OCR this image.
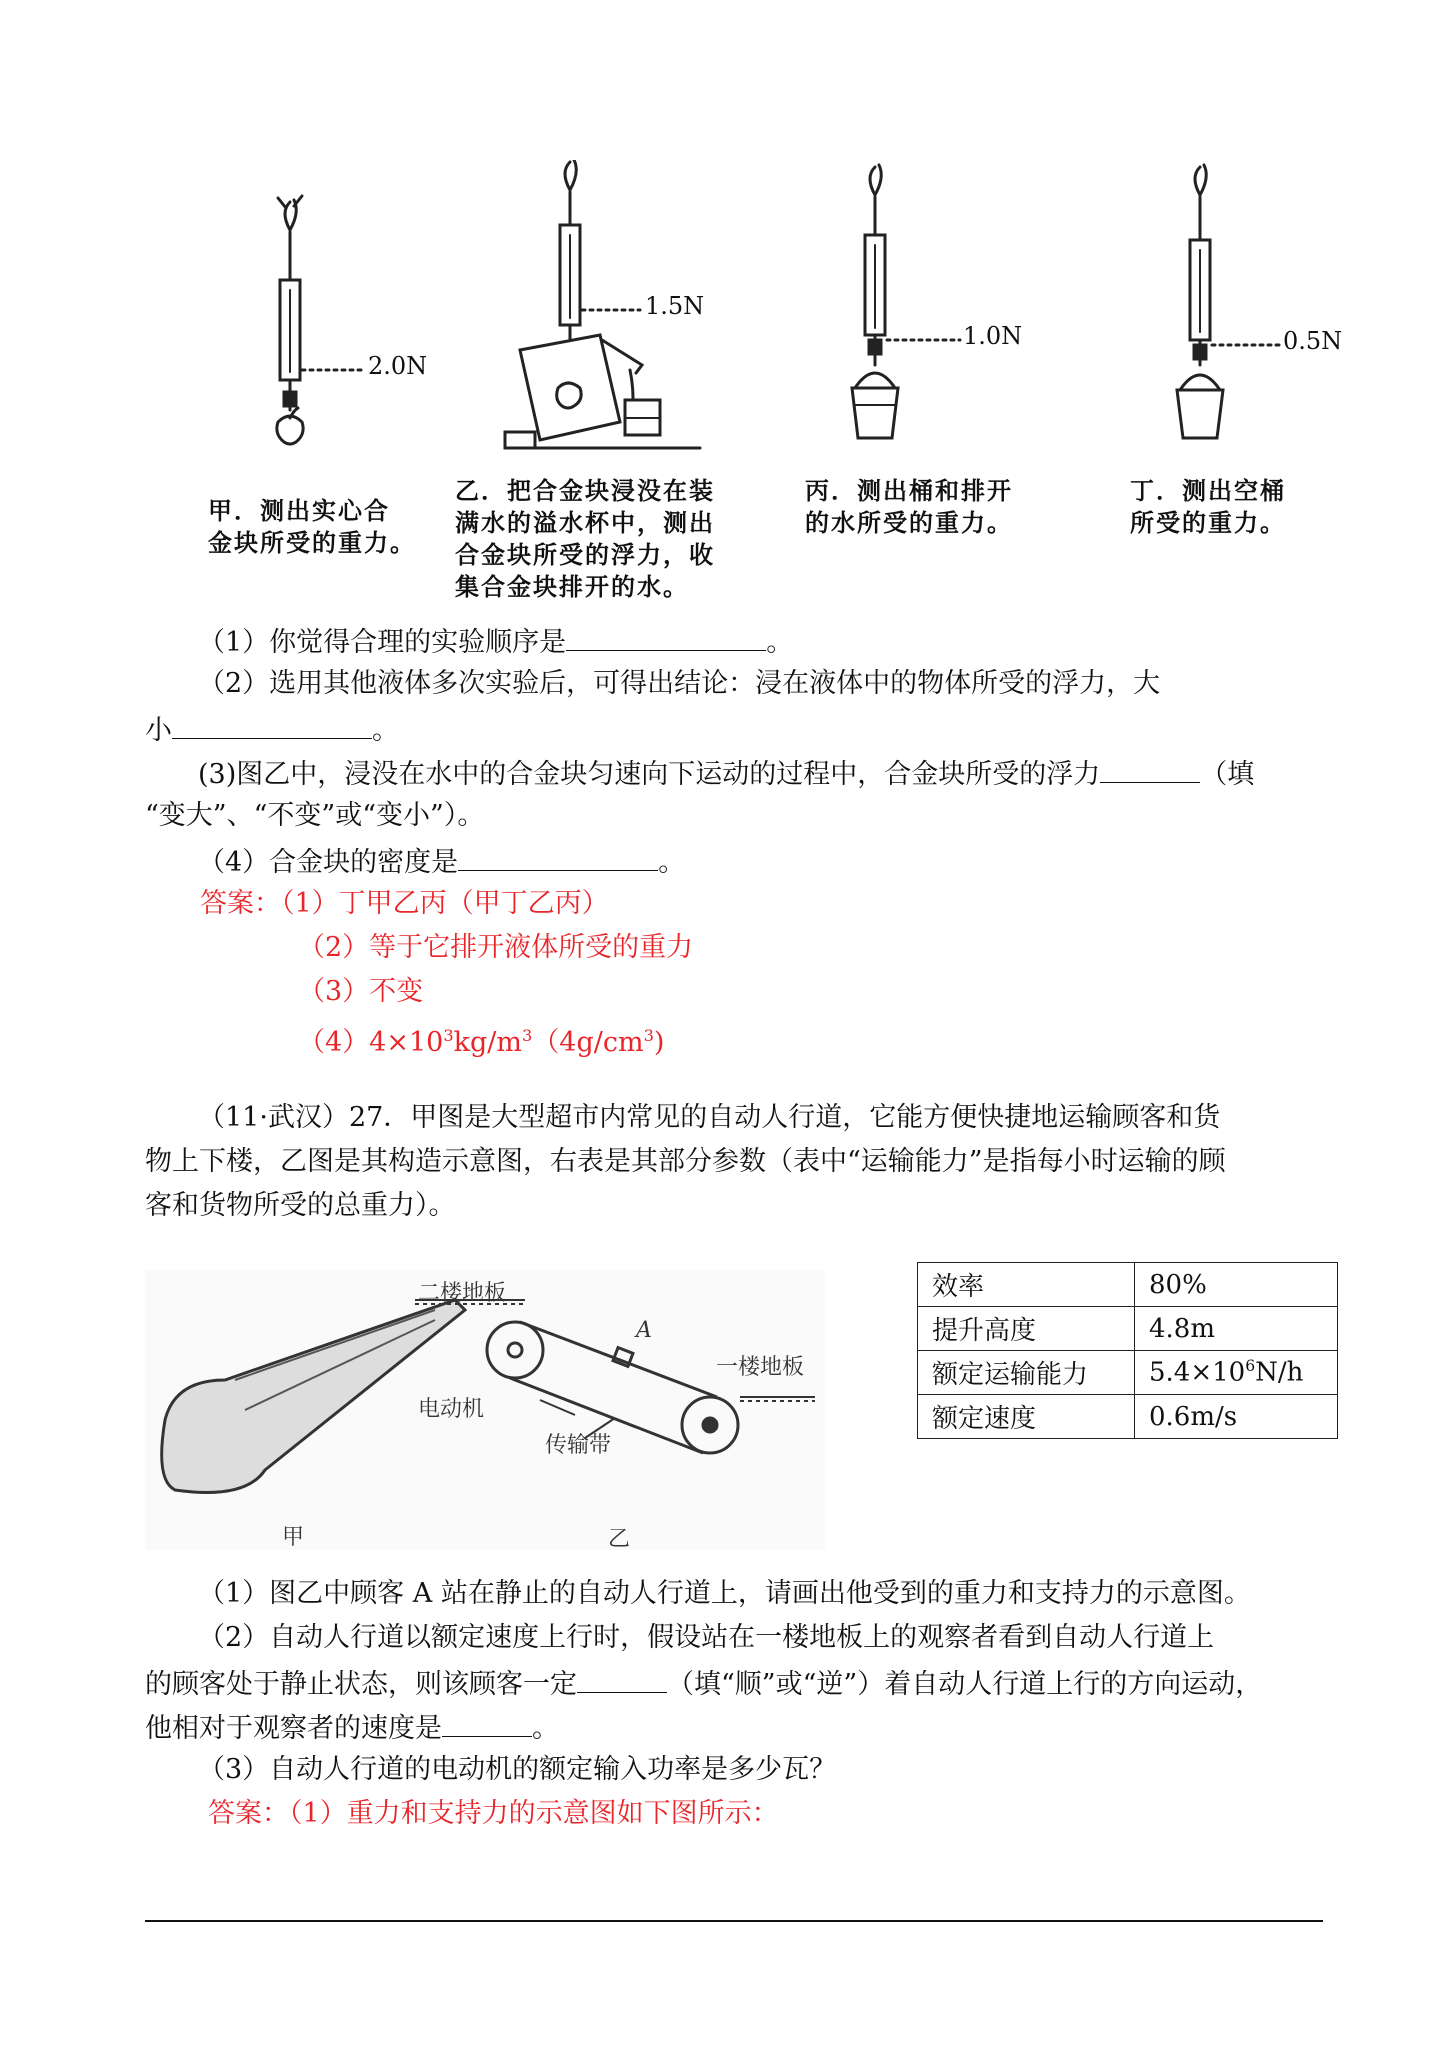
2.0N
1.5N
1.0N	0.5N
甲．测出实心合
金块所受的重力。
乙．把合金块浸没在装
满水的溢水杯中，测出
合金块所受的浮力，收
集合金块排开的水。
丙．测出桶和排开
的水所受的重力。
丁．测出空桶
所受的重力。
（1）你觉得合理的实验顺序是	。
（2）选用其他液体多次实验后，可得出结论：浸在液体中的物体所受的浮力，大
小	。
(3)图乙中，浸没在水中的合金块匀速向下运动的过程中，合金块所受的浮力	（填
“变大”、“不变”或“变小”）。
（4）合金块的密度是	。
答案：（1）丁甲乙丙（甲丁乙丙）
（2）等于它排开液体所受的重力
（3）不变
$(4)4\times 10^3kg/m^3(4g/cm^3)$
（11·武汉）27．甲图是大型超市内常见的自动人行道，它能方便快捷地运输顾客和货
物上下楼，乙图是其构造示意图，右表是其部分参数（表中“运输能力”是指每小时运输的顾
客和货物所受的总重力）。
二楼地板
A
一楼地板
电动机
传输带
甲	乙
效率	80%
提升高度	4.8m
额定运输能力	$5.4\times 10^6N/h$
额定速度	0.6m/s
（1）图乙中顾客 A 站在静止的自动人行道上，请画出他受到的重力和支持力的示意图。
（2）自动人行道以额定速度上行时，假设站在一楼地板上的观察者看到自动人行道上
的顾客处于静止状态，则该顾客一定	（填“顺”或“逆”）着自动人行道上行的方向运动，
他相对于观察者的速度是	。
（3）自动人行道的电动机的额定输入功率是多少瓦？
答案：（1）重力和支持力的示意图如下图所示：
